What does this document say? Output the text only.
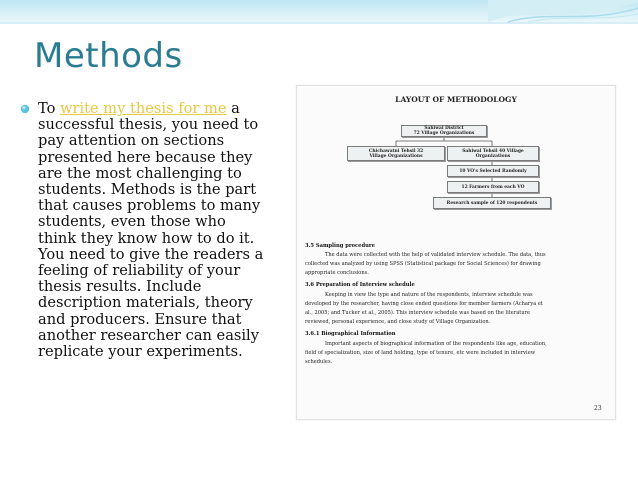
Methods
To write my thesis for me a
successful thesis, you need to
pay attention on sections
presented here because they
are the most challenging to
students. Methods is the part
that causes problems to many
students, even those who
think they know how to do it.
You need to give the readers a
feeling of reliability of your
thesis results. Include
description materials, theory
and producers. Ensure that
another researcher can easily
replicate your experiments.
LAYOUT OF METHODOLOGY
Sahiwal District
72 Village Organizations
Chichawatni Tehsil 32
Village Organizations
Sahiwal Tehsil 40 Village
Organizations
10 VO's Selected Randomly
12 Farmers from each VO
Research sample of 120 respondents
3.5 Sampling procedure
The data were collected with the help of validated interview schedule. The data, thus
collected was analyzed by using SPSS (Statistical package for Social Sciences) for drawing
appropriate conclusions.
3.6 Preparation of Interview schedule
Keeping in view the type and nature of the respondents, interview schedule was
developed by the researcher, having close ended questions for member farmers (Acharya et
al., 2005; and Tucker et al., 2005). This interview schedule was based on the literature
reviewed, personal experience, and close study of Village Organization.
3.6.1 Biographical Information
Important aspects of biographical information of the respondents like age, education,
field of specialization, size of land holding, type of tenure, etc were included in interview
schedules.
23
